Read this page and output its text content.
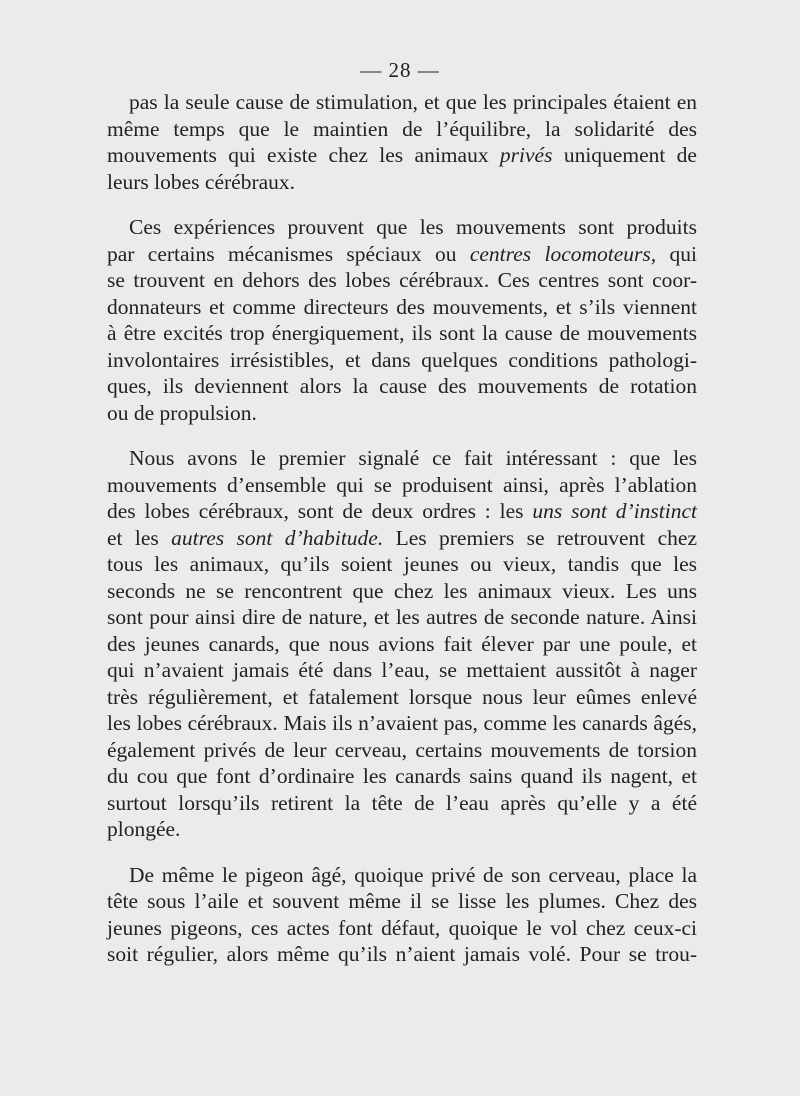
— 28 —
pas la seule cause de stimulation, et que les principales étaient en
même temps que le maintien de l’équilibre, la solidarité des
mouvements qui existe chez les animaux privés uniquement de
leurs lobes cérébraux.
Ces expériences prouvent que les mouvements sont produits
par certains mécanismes spéciaux ou centres locomoteurs, qui
se trouvent en dehors des lobes cérébraux. Ces centres sont coor-
donnateurs et comme directeurs des mouvements, et s’ils viennent
à être excités trop énergiquement, ils sont la cause de mouvements
involontaires irrésistibles, et dans quelques conditions pathologi-
ques, ils deviennent alors la cause des mouvements de rotation
ou de propulsion.
Nous avons le premier signalé ce fait intéressant : que les
mouvements d’ensemble qui se produisent ainsi, après l’ablation
des lobes cérébraux, sont de deux ordres : les uns sont d’instinct
et les autres sont d’habitude. Les premiers se retrouvent chez
tous les animaux, qu’ils soient jeunes ou vieux, tandis que les
seconds ne se rencontrent que chez les animaux vieux. Les uns
sont pour ainsi dire de nature, et les autres de seconde nature. Ainsi
des jeunes canards, que nous avions fait élever par une poule, et
qui n’avaient jamais été dans l’eau, se mettaient aussitôt à nager
très régulièrement, et fatalement lorsque nous leur eûmes enlevé
les lobes cérébraux. Mais ils n’avaient pas, comme les canards âgés,
également privés de leur cerveau, certains mouvements de torsion
du cou que font d’ordinaire les canards sains quand ils nagent, et
surtout lorsqu’ils retirent la tête de l’eau après qu’elle y a été
plongée.
De même le pigeon âgé, quoique privé de son cerveau, place la
tête sous l’aile et souvent même il se lisse les plumes. Chez des
jeunes pigeons, ces actes font défaut, quoique le vol chez ceux-ci
soit régulier, alors même qu’ils n’aient jamais volé. Pour se trou-
